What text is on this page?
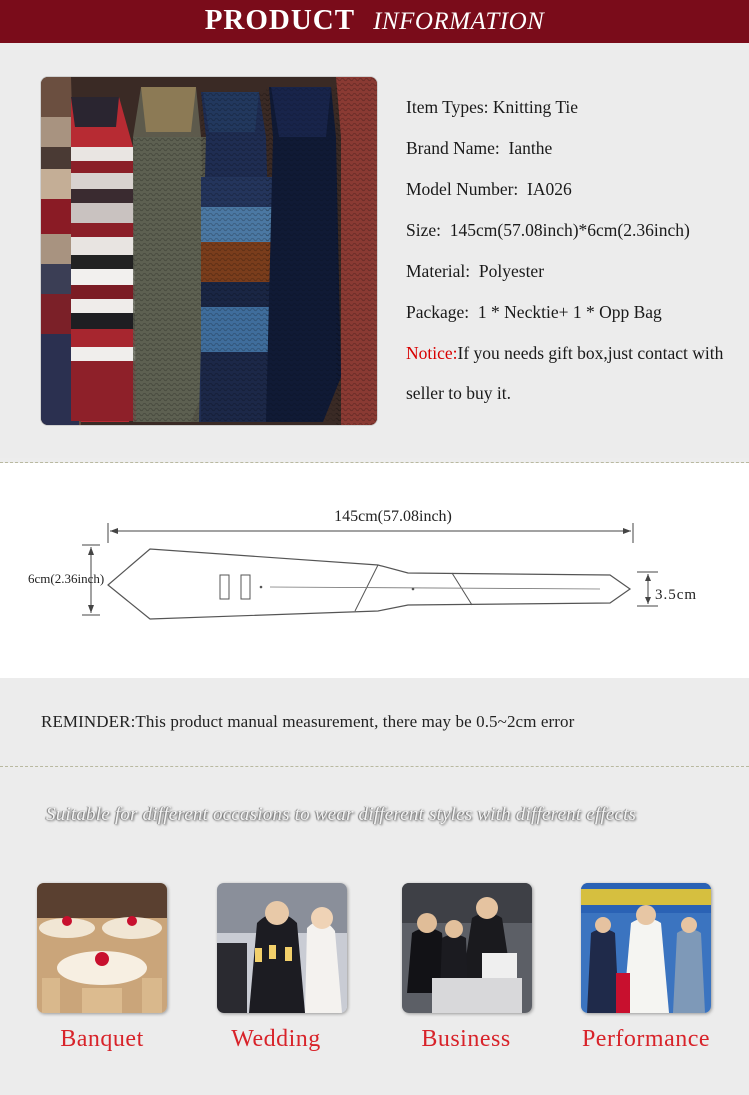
PRODUCT INFORMATION
Item Types: Knitting Tie
Brand Name: Ianthe
Model Number: IA026
Size: 145cm(57.08inch)*6cm(2.36inch)
Material: Polyester
Package: 1 * Necktie+ 1 * Opp Bag
Notice:If you needs gift box,just contact with seller to buy it.
145cm(57.08inch)
6cm(2.36inch)
3.5cm
REMINDER:This product manual measurement, there may be 0.5~2cm error
Suitable for different occasions to wear different styles with different effects
Banquet	Wedding	Business	Performance
